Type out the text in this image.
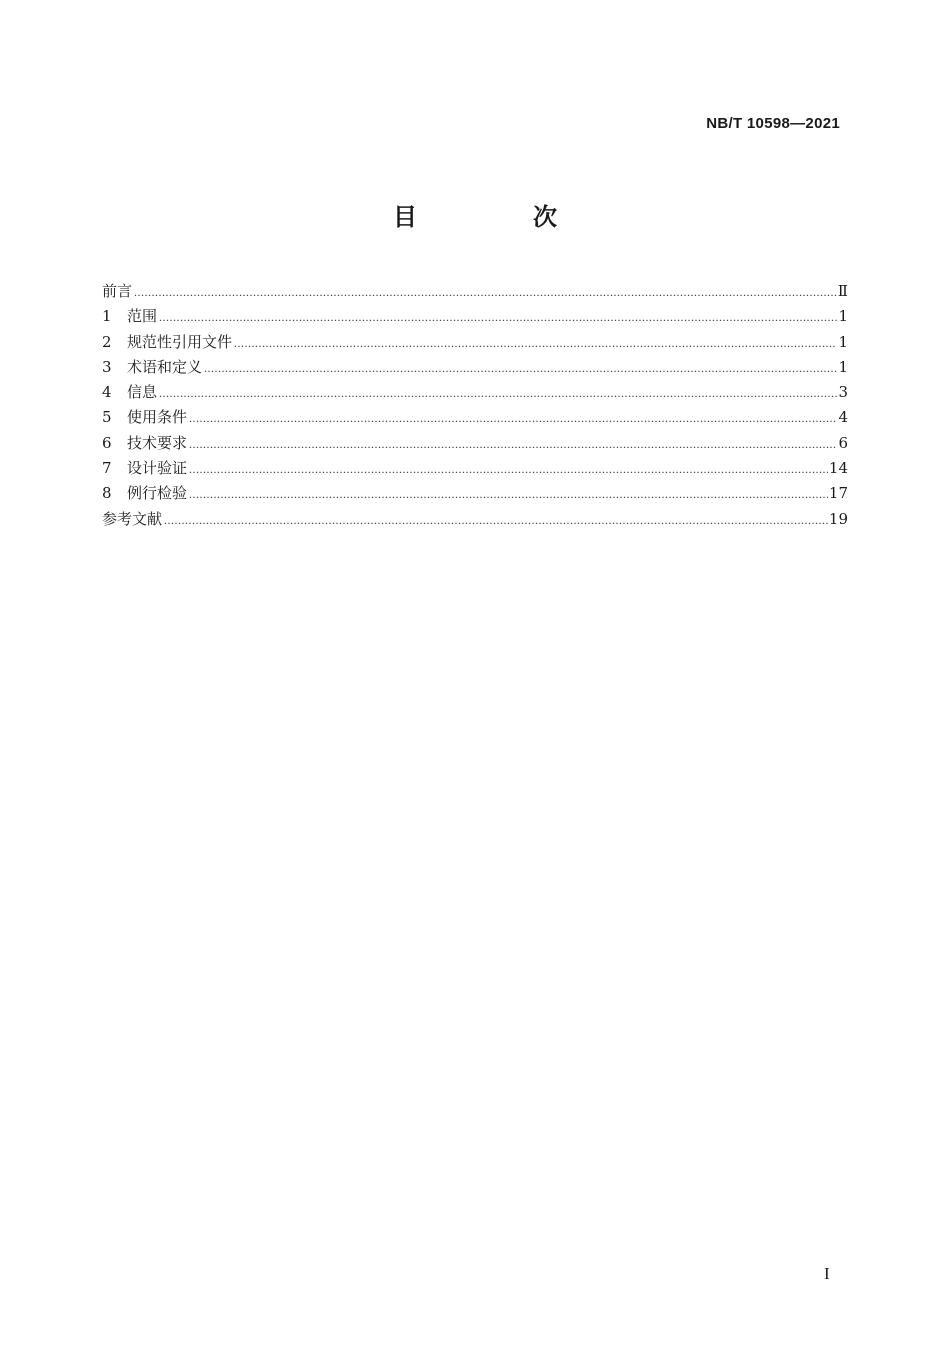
NB/T 10598—2021
目　次
前言 .....	Ⅱ
1	范围 .....	1
2	规范性引用文件 .....	1
3	术语和定义 .....	1
4	信息 .....	3
5	使用条件 .....	4
6	技术要求 .....	6
7	设计验证 .....	14
8	例行检验 .....	17
参考文献 .....	19
I
